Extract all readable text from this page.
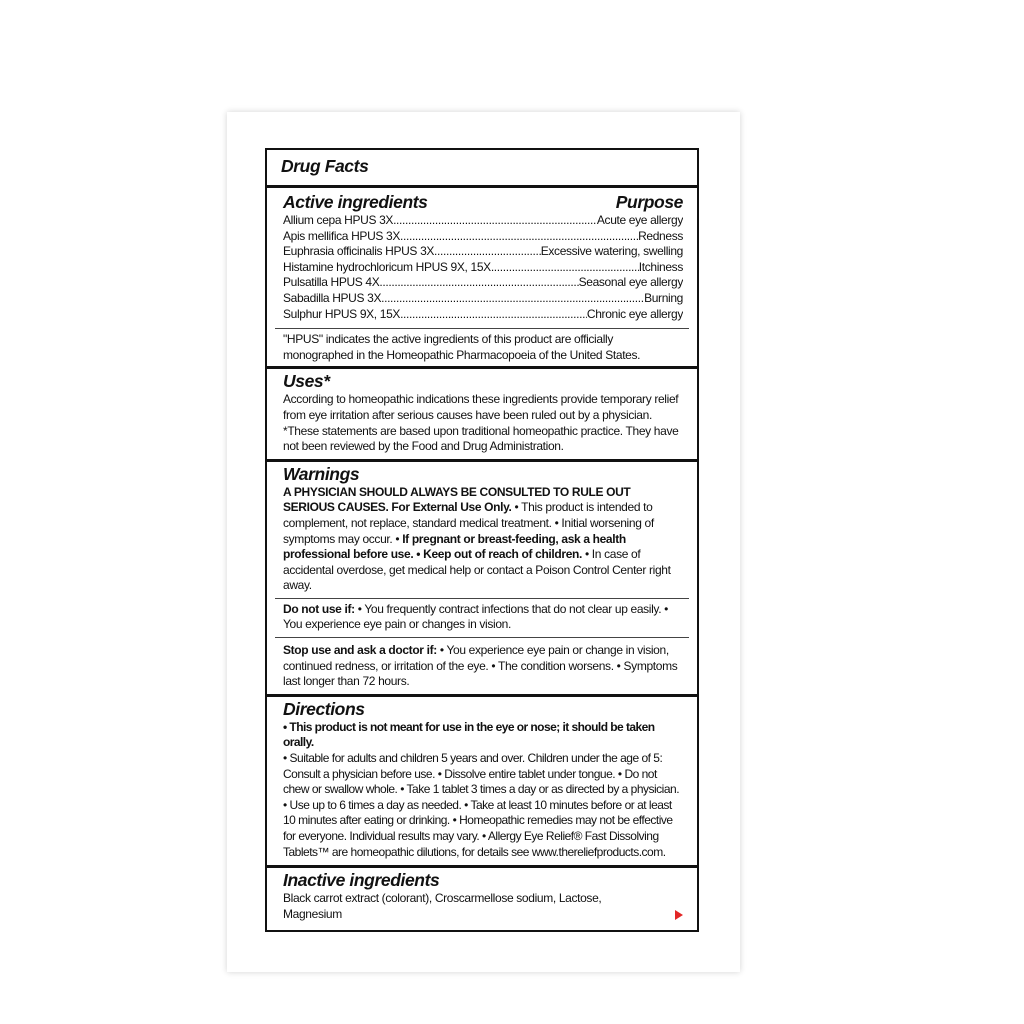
Drug Facts
Active ingredients	Purpose
Allium cepa HPUS 3X .....	Acute eye allergy
Apis mellifica HPUS 3X .....	Redness
Euphrasia officinalis HPUS 3X .....	Excessive watering, swelling
Histamine hydrochloricum HPUS 9X, 15X .....	Itchiness
Pulsatilla HPUS 4X .....	Seasonal eye allergy
Sabadilla HPUS 3X .....	Burning
Sulphur HPUS 9X, 15X .....	Chronic eye allergy
"HPUS" indicates the active ingredients of this product are officially monographed in the Homeopathic Pharmacopoeia of the United States.
Uses*
According to homeopathic indications these ingredients provide temporary relief from eye irritation after serious causes have been ruled out by a physician. *These statements are based upon traditional homeopathic practice. They have not been reviewed by the Food and Drug Administration.
Warnings
A PHYSICIAN SHOULD ALWAYS BE CONSULTED TO RULE OUT SERIOUS CAUSES. For External Use Only. • This product is intended to complement, not replace, standard medical treatment. • Initial worsening of symptoms may occur. • If pregnant or breast-feeding, ask a health professional before use. • Keep out of reach of children. • In case of accidental overdose, get medical help or contact a Poison Control Center right away.
Do not use if: • You frequently contract infections that do not clear up easily. • You experience eye pain or changes in vision.
Stop use and ask a doctor if: • You experience eye pain or change in vision, continued redness, or irritation of the eye. • The condition worsens. • Symptoms last longer than 72 hours.
Directions
• This product is not meant for use in the eye or nose; it should be taken orally.
• Suitable for adults and children 5 years and over. Children under the age of 5: Consult a physician before use. • Dissolve entire tablet under tongue. • Do not chew or swallow whole. • Take 1 tablet 3 times a day or as directed by a physician. • Use up to 6 times a day as needed. • Take at least 10 minutes before or at least 10 minutes after eating or drinking. • Homeopathic remedies may not be effective for everyone. Individual results may vary. • Allergy Eye Relief® Fast Dissolving Tablets™ are homeopathic dilutions, for details see www.thereliefproducts.com.
Inactive ingredients
Black carrot extract (colorant), Croscarmellose sodium, Lactose, Magnesium
